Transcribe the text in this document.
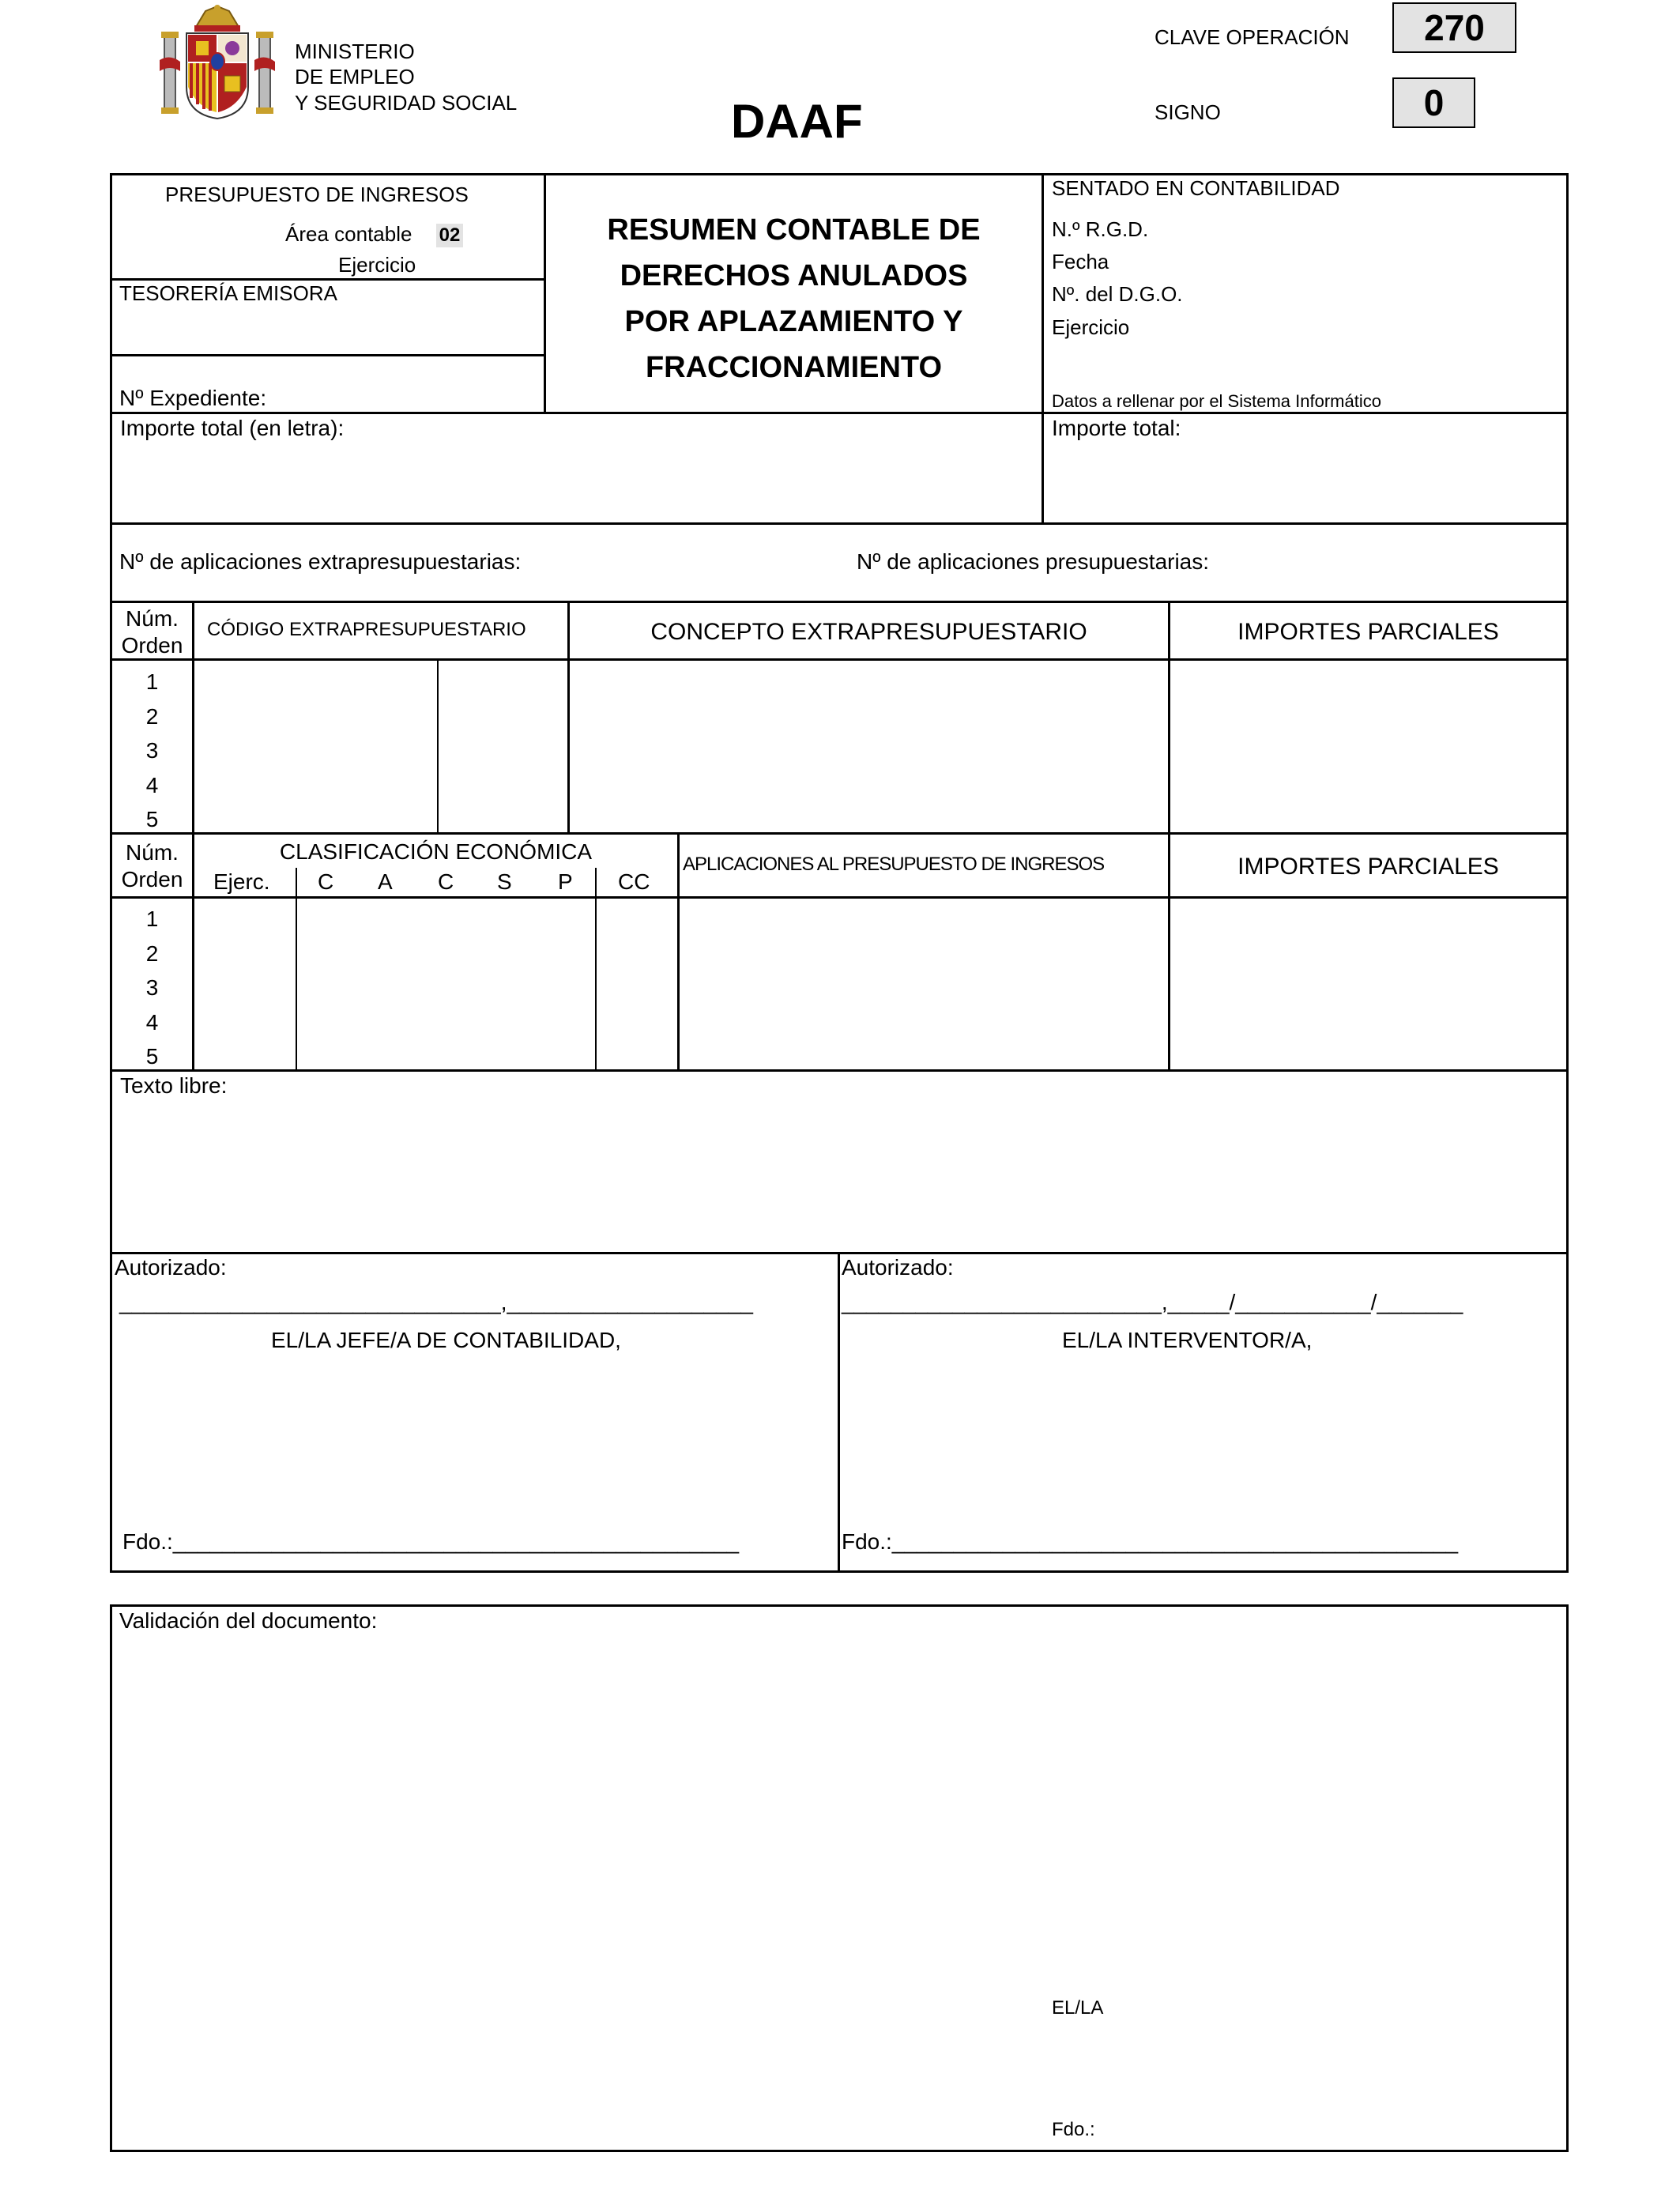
MINISTERIO
DE EMPLEO
Y SEGURIDAD SOCIAL	DAAF
CLAVE OPERACIÓN	270
SIGNO	0
PRESUPUESTO DE INGRESOS
Área contable 02
Ejercicio
TESORERÍA EMISORA
Nº Expediente:
RESUMEN CONTABLE DE
DERECHOS ANULADOS
POR APLAZAMIENTO Y
FRACCIONAMIENTO
SENTADO EN CONTABILIDAD
N.º R.G.D.
Fecha
Nº. del D.G.O.
Ejercicio
Datos a rellenar por el Sistema Informático
Importe total (en letra):	Importe total:
Nº de aplicaciones extrapresupuestarias:	Nº de aplicaciones presupuestarias:
Núm.
Orden
CÓDIGO EXTRAPRESUPUESTARIO	CONCEPTO EXTRAPRESUPUESTARIO	IMPORTES PARCIALES
1
2
3
4
5
Núm.
Orden
CLASIFICACIÓN ECONÓMICA
Ejerc. C A C S P CC
APLICACIONES AL PRESUPUESTO DE INGRESOS	IMPORTES PARCIALES
1
2
3
4
5
Texto libre:
Autorizado:
_______________________________,____________________
EL/LA JEFE/A DE CONTABILIDAD,
Fdo.:______________________________________________
Autorizado:
__________________________,_____/___________/_______
EL/LA INTERVENTOR/A,
Fdo.:______________________________________________
Validación del documento:
EL/LA
Fdo.:
